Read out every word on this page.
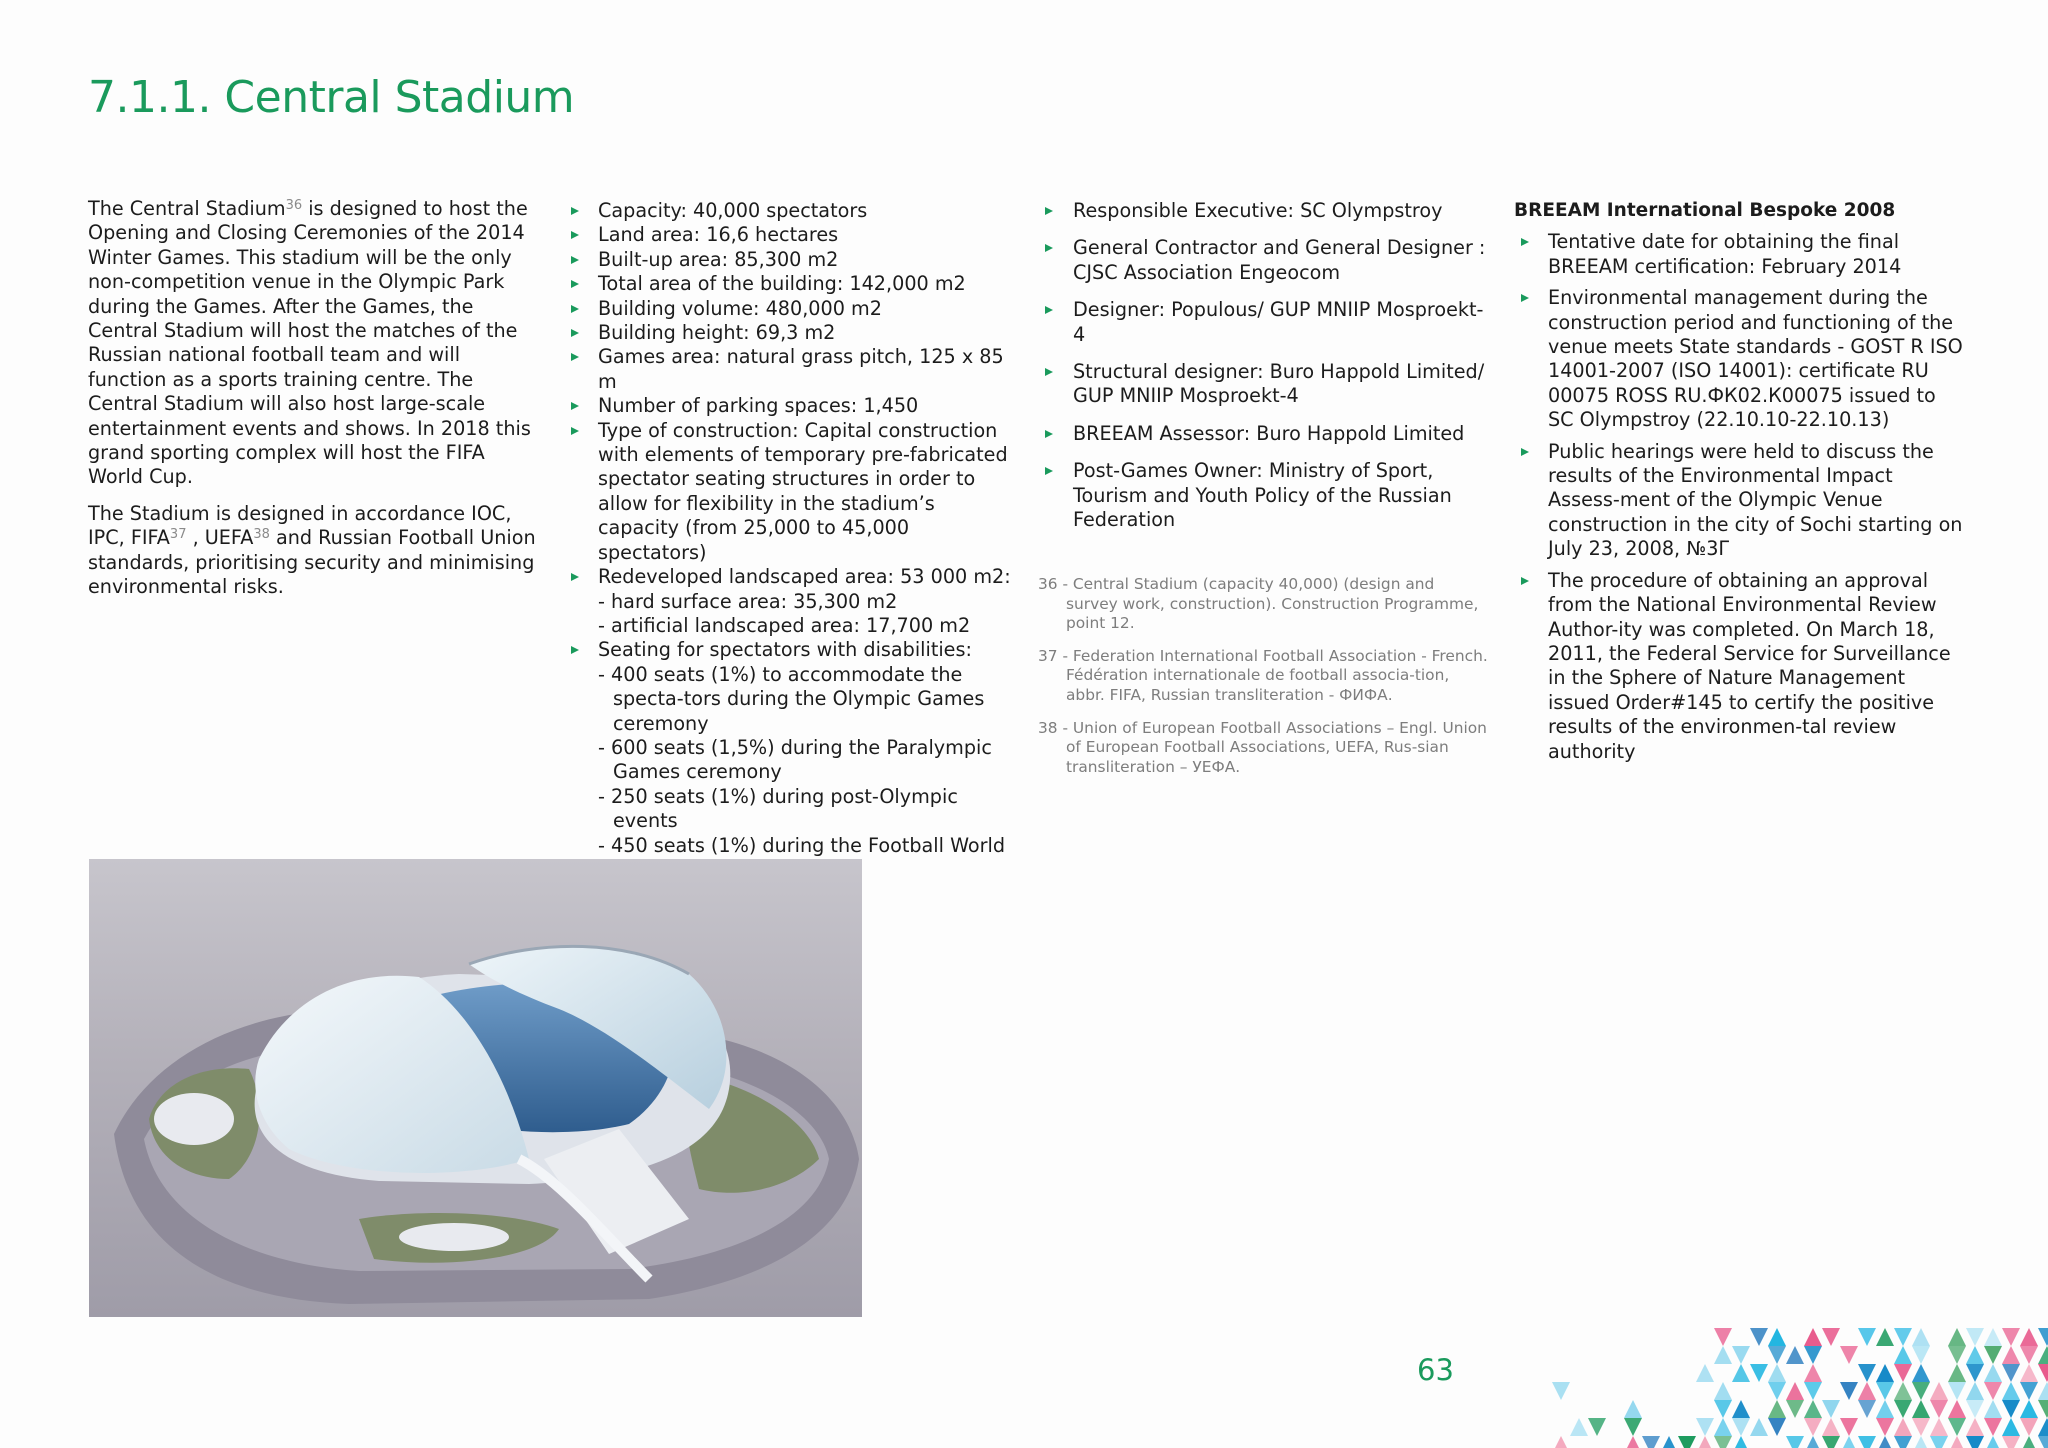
7.1.1. Central Stadium

The Central Stadium$^{36}$ is designed to host the Opening and Closing Ceremonies of the 2014 Winter Games. This stadium will be the only non-competition venue in the Olympic Park during the Games. After the Games, the Central Stadium will host the matches of the Russian national football team and will function as a sports training centre. The Central Stadium will also host large-scale entertainment events and shows. In 2018 this grand sporting complex will host the FIFA World Cup.

The Stadium is designed in accordance IOC, IPC, FIFA$^{37}$ , UEFA$^{38}$ and Russian Football Union standards, prioritising security and minimising environmental risks.

Capacity: 40,000 spectators
Land area: 16,6 hectares
Built-up area: 85,300 m2
Total area of the building: 142,000 m2
Building volume: 480,000 m2
Building height: 69,3 m2
Games area: natural grass pitch, 125 x 85 m
Number of parking spaces: 1,450
Type of construction: Capital construction with elements of temporary pre-fabricated spectator seating structures in order to allow for flexibility in the stadium’s capacity (from 25,000 to 45,000 spectators)
Redeveloped landscaped area: 53 000 m2:
- hard surface area: 35,300 m2
- artificial landscaped area: 17,700 m2
Seating for spectators with disabilities:
- 400 seats (1%) to accommodate the specta-tors during the Olympic Games ceremony
- 600 seats (1,5%) during the Paralympic Games ceremony
- 250 seats (1%) during post-Olympic events
- 450 seats (1%) during the Football World
Responsible Executive: SC Olympstroy
General Contractor and General Designer : CJSC Association Engeocom
Designer: Populous/ GUP MNIIP Mosproekt-4
Structural designer: Buro Happold Limited/ GUP MNIIP Mosproekt-4
BREEAM Assessor: Buro Happold Limited
Post-Games Owner: Ministry of Sport, Tourism and Youth Policy of the Russian Federation
36 - Central Stadium (capacity 40,000) (design and survey work, construction). Construction Programme, point 12.
37 - Federation International Football Association - French. Fédération internationale de football associa-tion, abbr. FIFA, Russian transliteration - ФИФА.
38 - Union of European Football Associations – Engl. Union of European Football Associations, UEFA, Rus-sian transliteration – УЕФА.
BREEAM International Bespoke 2008
Tentative date for obtaining the final BREEAM certification: February 2014
Environmental management during the construction period and functioning of the venue meets State standards - GOST R ISO 14001-2007 (ISO 14001): certificate RU 00075 ROSS RU.ФК02.К00075 issued to SC Olympstroy (22.10.10-22.10.13)
Public hearings were held to discuss the results of the Environmental Impact Assess-ment of the Olympic Venue construction in the city of Sochi starting on July 23, 2008, №3Г
The procedure of obtaining an approval from the National Environmental Review Author-ity was completed. On March 18, 2011, the Federal Service for Surveillance in the Sphere of Nature Management issued Order#145 to certify the positive results of the environmen-tal review authority
63
